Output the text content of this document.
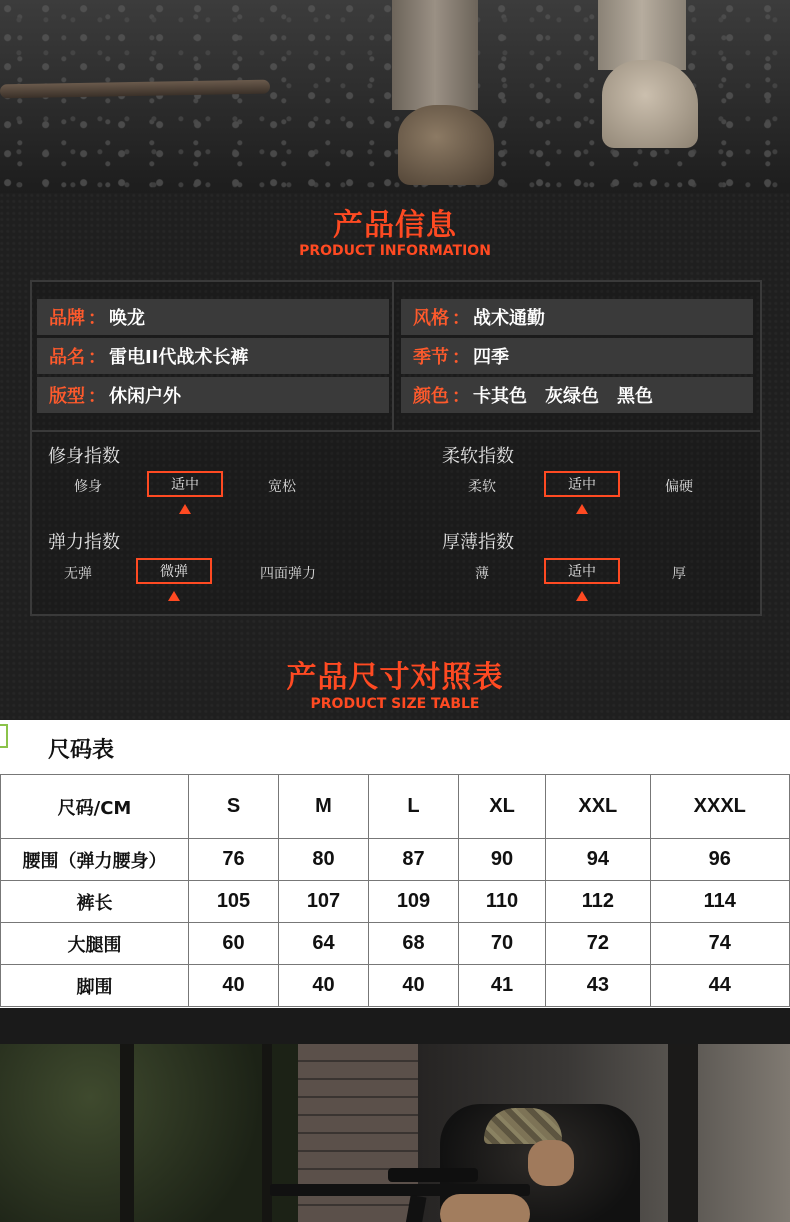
产品信息
PRODUCT INFORMATION
品牌 ： 唤龙
品名 ： 雷电II代战术长裤
版型 ： 休闲户外
风格 ： 战术通勤
季节 ： 四季
颜色 ： 卡其色　灰绿色　黑色
修身指数
修身	适中	宽松
柔软指数
柔软	适中	偏硬
弹力指数
无弹	微弹	四面弹力
厚薄指数
薄	适中	厚
产品尺寸对照表
PRODUCT SIZE TABLE
尺码表
尺码/CM	S	M	L	XL	XXL	XXXL
腰围（弹力腰身）	76	80	87	90	94	96
裤长	105	107	109	110	112	114
大腿围	60	64	68	70	72	74
脚围	40	40	40	41	43	44
